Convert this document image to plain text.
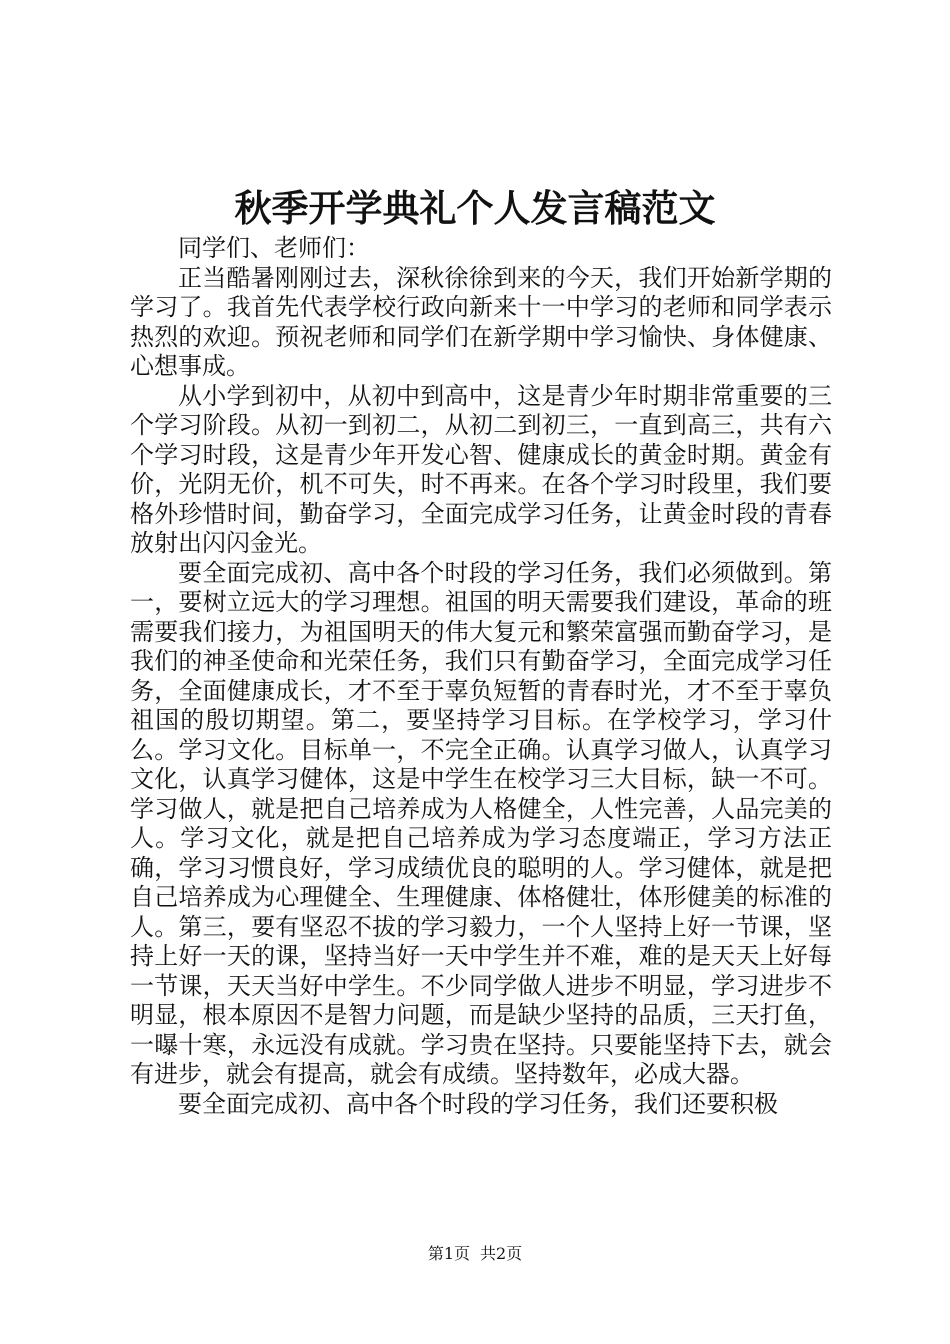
秋季开学典礼个人发言稿范文

同学们、老师们：

正当酷暑刚刚过去，深秋徐徐到来的今天，我们开始新学期的学习了。我首先代表学校行政向新来十一中学习的老师和同学表示热烈的欢迎。预祝老师和同学们在新学期中学习愉快、身体健康、心想事成。

从小学到初中，从初中到高中，这是青少年时期非常重要的三个学习阶段。从初一到初二，从初二到初三，一直到高三，共有六个学习时段，这是青少年开发心智、健康成长的黄金时期。黄金有价，光阴无价，机不可失，时不再来。在各个学习时段里，我们要格外珍惜时间，勤奋学习，全面完成学习任务，让黄金时段的青春放射出闪闪金光。

要全面完成初、高中各个时段的学习任务，我们必须做到。第一，要树立远大的学习理想。祖国的明天需要我们建设，革命的班需要我们接力，为祖国明天的伟大复元和繁荣富强而勤奋学习，是我们的神圣使命和光荣任务，我们只有勤奋学习，全面完成学习任务，全面健康成长，才不至于辜负短暂的青春时光，才不至于辜负祖国的殷切期望。第二，要坚持学习目标。在学校学习，学习什么。学习文化。目标单一，不完全正确。认真学习做人，认真学习文化，认真学习健体，这是中学生在校学习三大目标，缺一不可。学习做人，就是把自己培养成为人格健全，人性完善，人品完美的人。学习文化，就是把自己培养成为学习态度端正，学习方法正确，学习习惯良好，学习成绩优良的聪明的人。学习健体，就是把自己培养成为心理健全、生理健康、体格健壮，体形健美的标准的人。第三，要有坚忍不拔的学习毅力，一个人坚持上好一节课，坚持上好一天的课，坚持当好一天中学生并不难，难的是天天上好每一节课，天天当好中学生。不少同学做人进步不明显，学习进步不明显，根本原因不是智力问题，而是缺少坚持的品质，三天打鱼，一曝十寒，永远没有成就。学习贵在坚持。只要能坚持下去，就会有进步，就会有提高，就会有成绩。坚持数年，必成大器。

要全面完成初、高中各个时段的学习任务，我们还要积极

第1页 共2页
